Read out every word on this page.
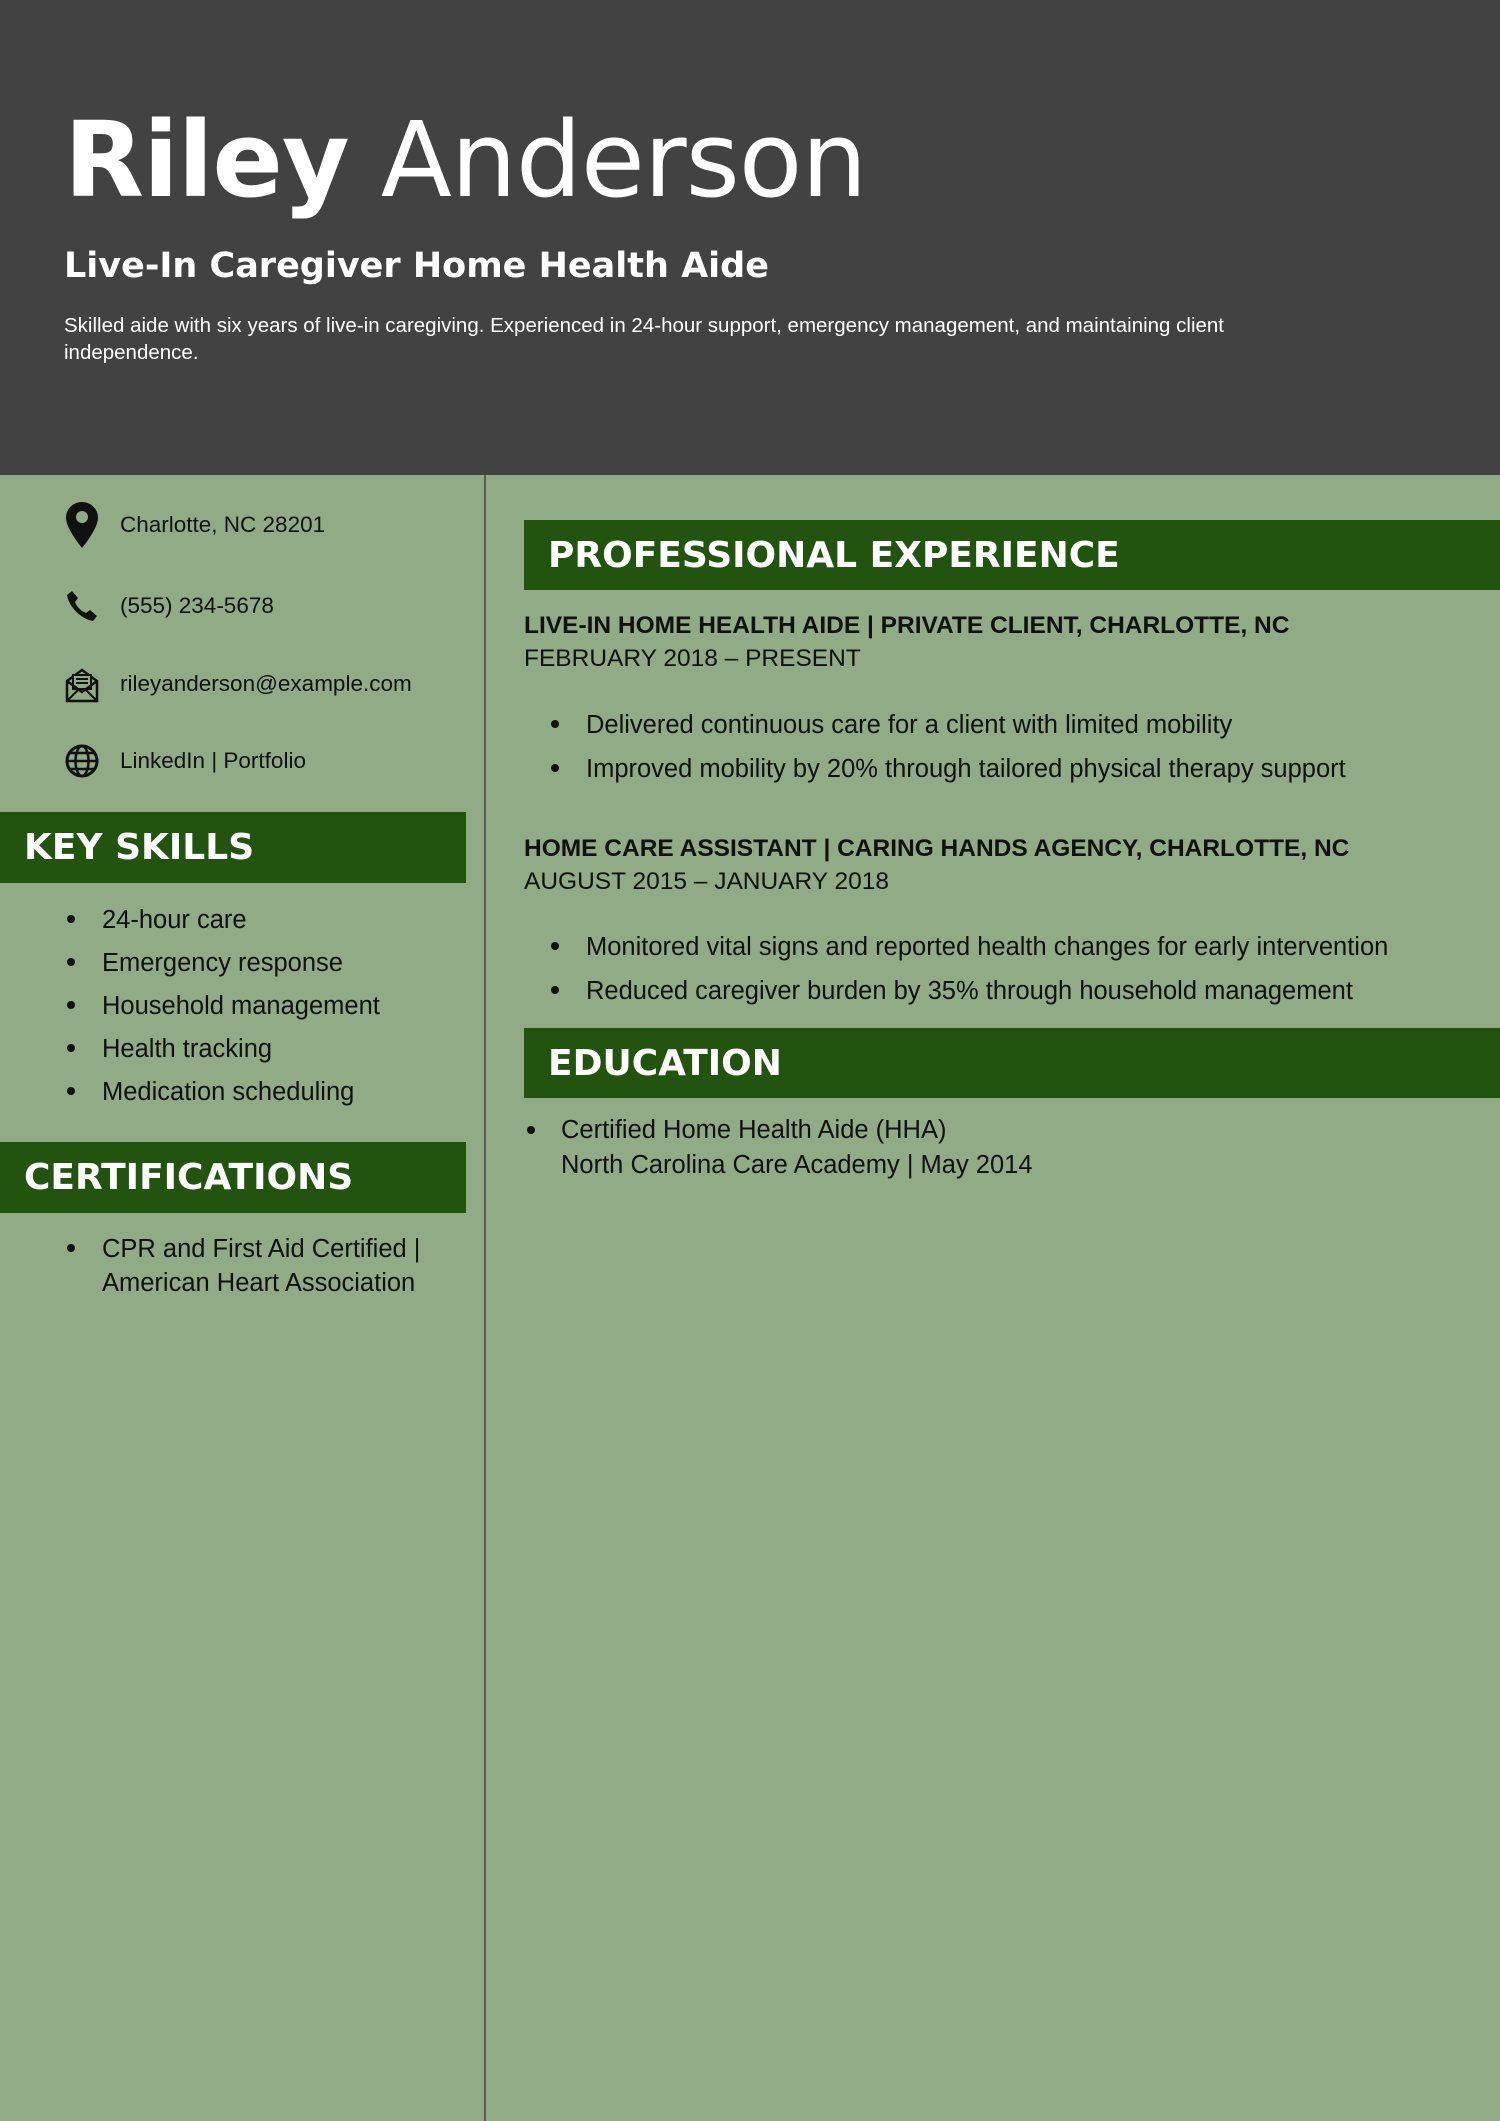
Riley Anderson
Live-In Caregiver Home Health Aide
Skilled aide with six years of live-in caregiving. Experienced in 24-hour support, emergency management, and maintaining client independence.
Charlotte, NC 28201
(555) 234-5678
rileyanderson@example.com
LinkedIn | Portfolio
KEY SKILLS
24-hour care
Emergency response
Household management
Health tracking
Medication scheduling
CERTIFICATIONS
CPR and First Aid Certified | American Heart Association
PROFESSIONAL EXPERIENCE
LIVE-IN HOME HEALTH AIDE | PRIVATE CLIENT, CHARLOTTE, NC
FEBRUARY 2018 – PRESENT
Delivered continuous care for a client with limited mobility
Improved mobility by 20% through tailored physical therapy support
HOME CARE ASSISTANT | CARING HANDS AGENCY, CHARLOTTE, NC
AUGUST 2015 – JANUARY 2018
Monitored vital signs and reported health changes for early intervention
Reduced caregiver burden by 35% through household management
EDUCATION
Certified Home Health Aide (HHA)
North Carolina Care Academy | May 2014
